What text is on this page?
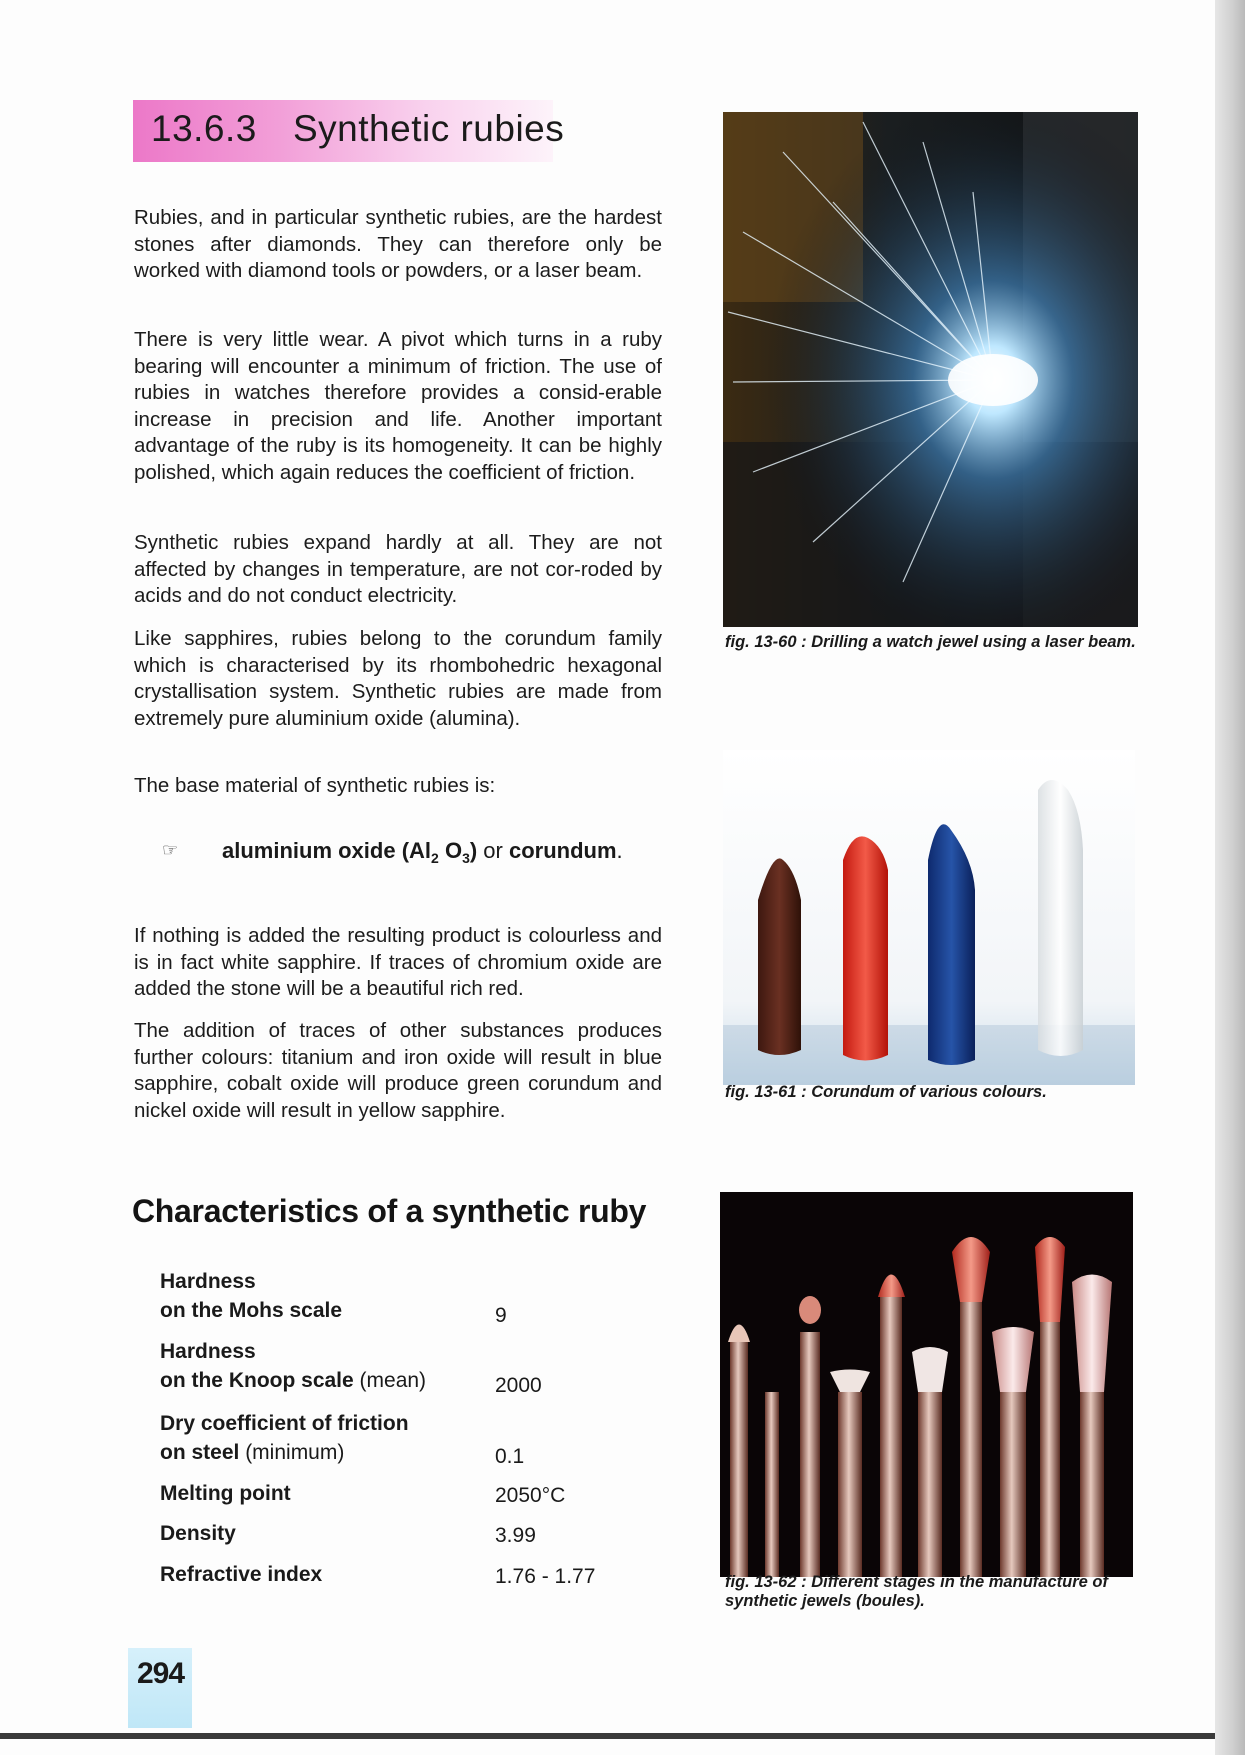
13.6.3 Synthetic rubies

Rubies, and in particular synthetic rubies, are the hardest stones after diamonds. They can therefore only be worked with diamond tools or powders, or a laser beam.

There is very little wear. A pivot which turns in a ruby bearing will encounter a minimum of friction. The use of rubies in watches therefore provides a consid-erable increase in precision and life. Another important advantage of the ruby is its homogeneity. It can be highly polished, which again reduces the coefficient of friction.

Synthetic rubies expand hardly at all. They are not affected by changes in temperature, are not cor-roded by acids and do not conduct electricity.

Like sapphires, rubies belong to the corundum family which is characterised by its rhombohedric hexagonal crystallisation system. Synthetic rubies are made from extremely pure aluminium oxide (alumina).

The base material of synthetic rubies is:

☞	aluminium oxide ($Al_2$ $O_3$) or corundum.

If nothing is added the resulting product is colourless and is in fact white sapphire. If traces of chromium oxide are added the stone will be a beautiful rich red.

The addition of traces of other substances produces further colours: titanium and iron oxide will result in blue sapphire, cobalt oxide will produce green corundum and nickel oxide will result in yellow sapphire.

Characteristics of a synthetic ruby
Hardness
on the Mohs scale	9
Hardness
on the Knoop scale (mean)	2000
Dry coefficient of friction
on steel (minimum)	0.1
Melting point	2050°C
Density	3.99
Refractive index	1.76 - 1.77
294
fig. 13-60 : Drilling a watch jewel using a laser beam.
fig. 13-61 : Corundum of various colours.
fig. 13-62 : Different stages in the manufacture of synthetic jewels (boules).
